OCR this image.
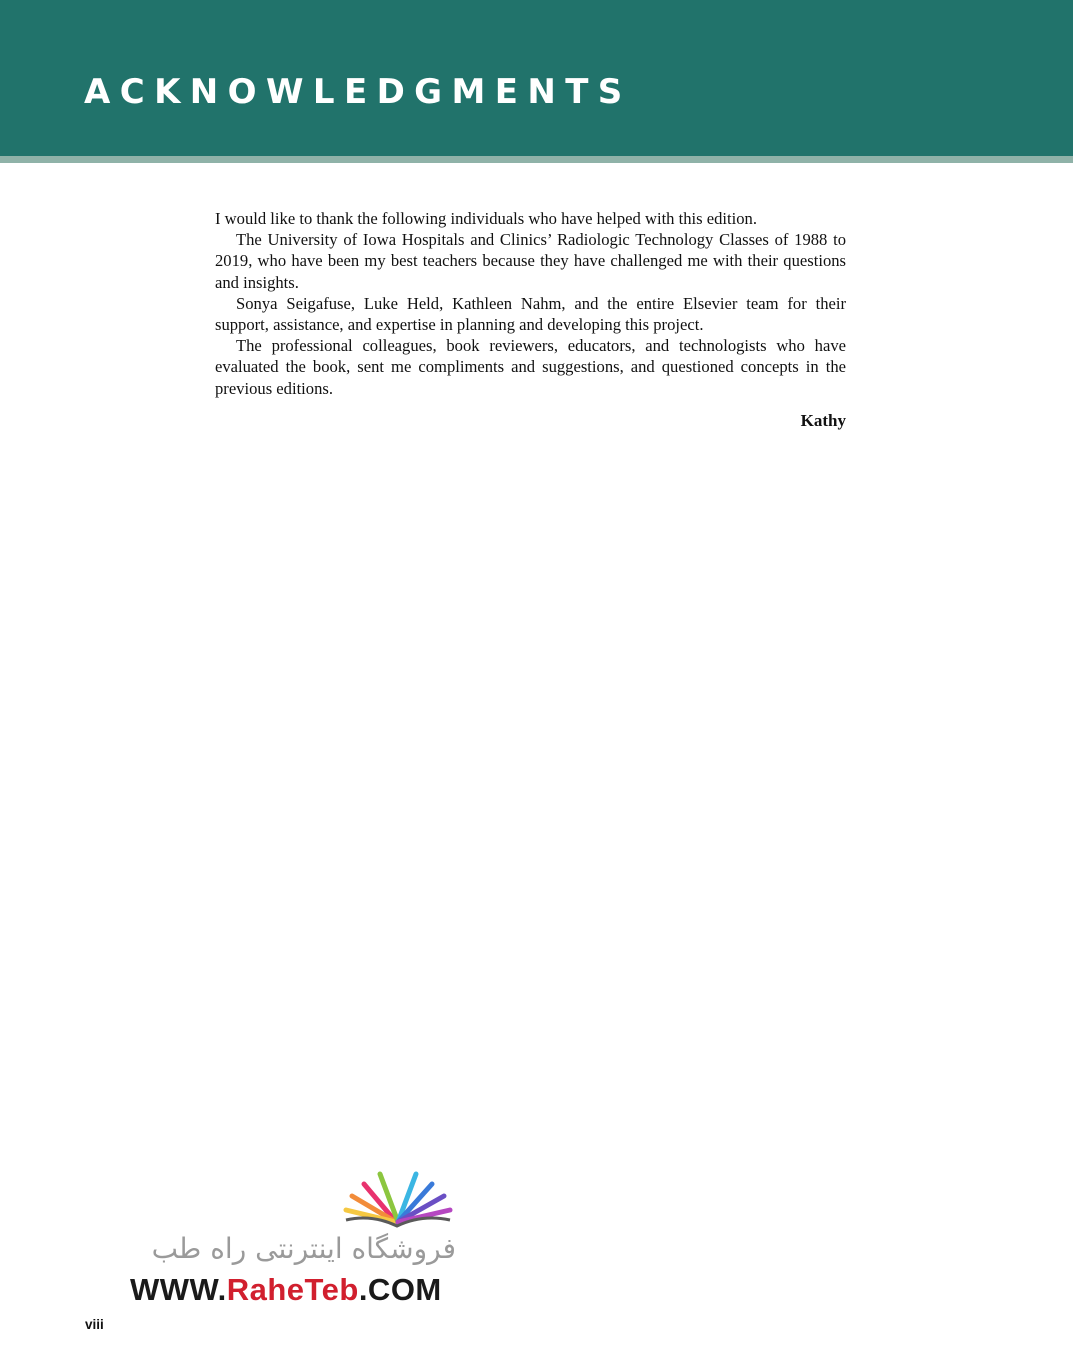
ACKNOWLEDGMENTS

I would like to thank the following individuals who have helped with this edition.

The University of Iowa Hospitals and Clinics’ Radiologic Technology Classes of 1988 to 2019, who have been my best teachers because they have challenged me with their questions and insights.

Sonya Seigafuse, Luke Held, Kathleen Nahm, and the entire Elsevier team for their support, assistance, and expertise in planning and developing this project.

The professional colleagues, book reviewers, educators, and technologists who have evaluated the book, sent me compliments and suggestions, and questioned concepts in the previous editions.

Kathy
فروشگاه اینترنتی راه طب
WWW.RaheTeb.COM
viii
